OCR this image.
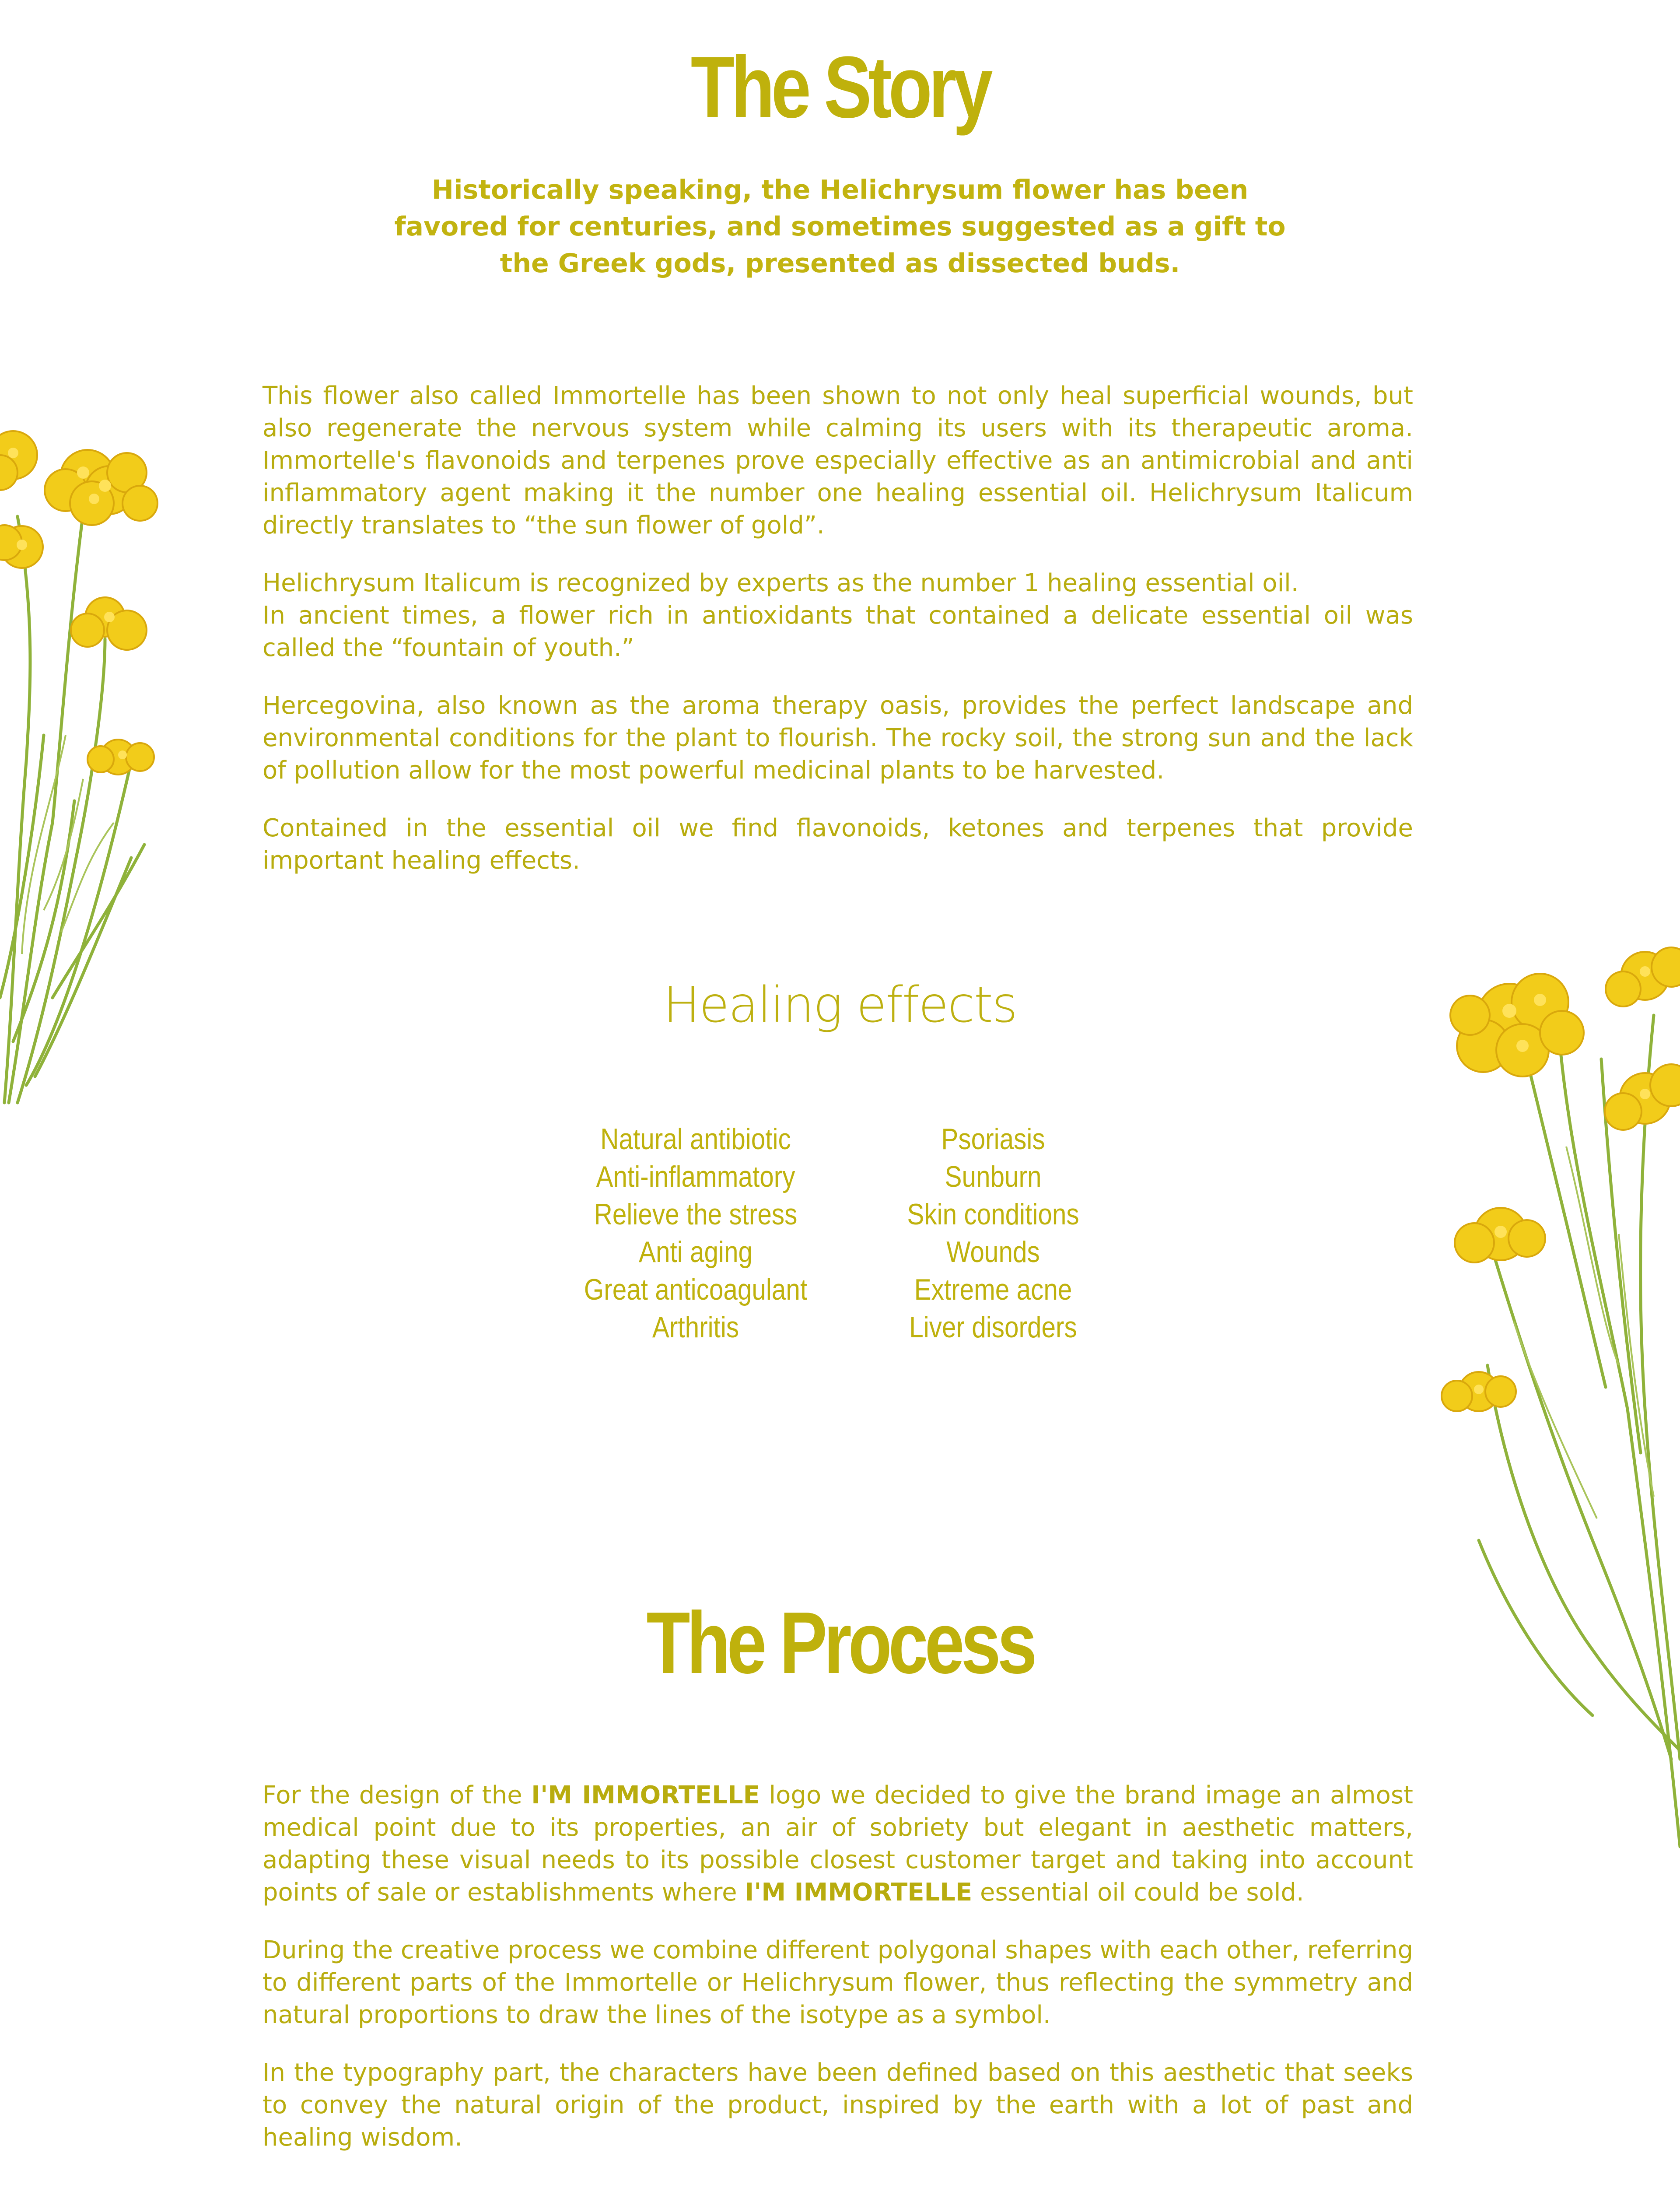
The Story

Historically speaking, the Helichrysum flower has been favored for centuries, and sometimes suggested as a gift to the Greek gods, presented as dissected buds.

This flower also called Immortelle has been shown to not only heal superficial wounds, but also regenerate the nervous system while calming its users with its therapeutic aroma. Immortelle's flavonoids and terpenes prove especially effective as an antimicrobial and anti inflammatory agent making it the number one healing essential oil. Helichrysum Italicum directly translates to “the sun flower of gold”.

Helichrysum Italicum is recognized by experts as the number 1 healing essential oil.

In ancient times, a flower rich in antioxidants that contained a delicate essential oil was called the “fountain of youth.”

Hercegovina, also known as the aroma therapy oasis, provides the perfect landscape and environmental conditions for the plant to flourish. The rocky soil, the strong sun and the lack of pollution allow for the most powerful medicinal plants to be harvested.

Contained in the essential oil we find flavonoids, ketones and terpenes that provide important healing effects.

Healing effects
Natural antibiotic
Anti-inflammatory
Relieve the stress
Anti aging
Great anticoagulant
Arthritis
Psoriasis
Sunburn
Skin conditions
Wounds
Extreme acne
Liver disorders
The Process

For the design of the I'M IMMORTELLE logo we decided to give the brand image an almost medical point due to its properties, an air of sobriety but elegant in aesthetic matters, adapting these visual needs to its possible closest customer target and taking into account points of sale or establishments where I'M IMMORTELLE essential oil could be sold.

During the creative process we combine different polygonal shapes with each other, referring to different parts of the Immortelle or Helichrysum flower, thus reflecting the symmetry and natural proportions to draw the lines of the isotype as a symbol.

In the typography part, the characters have been defined based on this aesthetic that seeks to convey the natural origin of the product, inspired by the earth with a lot of past and healing wisdom.
